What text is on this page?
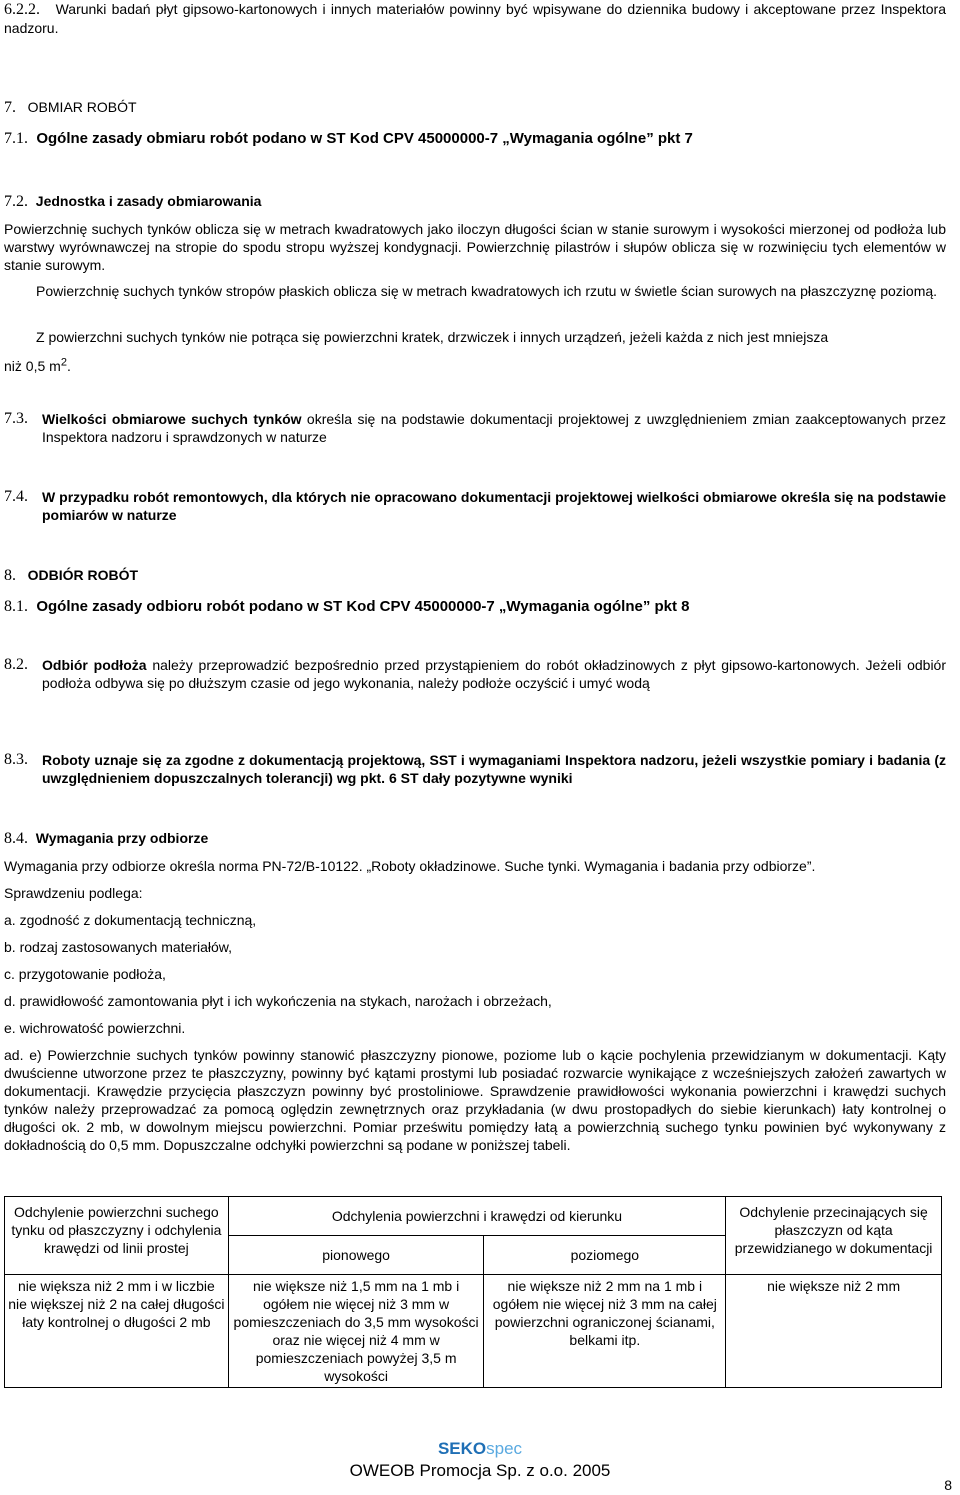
6.2.2. Warunki badań płyt gipsowo-kartonowych i innych materiałów powinny być wpisywane do dziennika budowy i akceptowane przez Inspektora nadzoru.
7. OBMIAR ROBÓT
7.1. Ogólne zasady obmiaru robót podano w ST Kod CPV 45000000-7 „Wymagania ogólne” pkt 7
7.2. Jednostka i zasady obmiarowania
Powierzchnię suchych tynków oblicza się w metrach kwadratowych jako iloczyn długości ścian w stanie surowym i wysokości mierzonej od podłoża lub warstwy wyrównawczej na stropie do spodu stropu wyższej kondygnacji. Powierzchnię pilastrów i słupów oblicza się w rozwinięciu tych elementów w stanie surowym.
Powierzchnię suchych tynków stropów płaskich oblicza się w metrach kwadratowych ich rzutu w świetle ścian surowych na płaszczyznę poziomą.
Z powierzchni suchych tynków nie potrąca się powierzchni kratek, drzwiczek i innych urządzeń, jeżeli każda z nich jest mniejsza
niż 0,5 $m^2$.
7.3. Wielkości obmiarowe suchych tynków określa się na podstawie dokumentacji projektowej z uwzględnieniem zmian zaakceptowanych przez Inspektora nadzoru i sprawdzonych w naturze
7.4. W przypadku robót remontowych, dla których nie opracowano dokumentacji projektowej wielkości obmiarowe określa się na podstawie pomiarów w naturze
8. ODBIÓR ROBÓT
8.1. Ogólne zasady odbioru robót podano w ST Kod CPV 45000000-7 „Wymagania ogólne” pkt 8
8.2. Odbiór podłoża należy przeprowadzić bezpośrednio przed przystąpieniem do robót okładzinowych z płyt gipsowo-kartonowych. Jeżeli odbiór podłoża odbywa się po dłuższym czasie od jego wykonania, należy podłoże oczyścić i umyć wodą
8.3. Roboty uznaje się za zgodne z dokumentacją projektową, SST i wymaganiami Inspektora nadzoru, jeżeli wszystkie pomiary i badania (z uwzględnieniem dopuszczalnych tolerancji) wg pkt. 6 ST dały pozytywne wyniki
8.4. Wymagania przy odbiorze
Wymagania przy odbiorze określa norma PN-72/B-10122. „Roboty okładzinowe. Suche tynki. Wymagania i badania przy odbiorze”.
Sprawdzeniu podlega:
a. zgodność z dokumentacją techniczną,
b. rodzaj zastosowanych materiałów,
c. przygotowanie podłoża,
d. prawidłowość zamontowania płyt i ich wykończenia na stykach, narożach i obrzeżach,
e. wichrowatość powierzchni.
ad. e) Powierzchnie suchych tynków powinny stanowić płaszczyzny pionowe, poziome lub o kącie pochylenia przewidzianym w dokumentacji. Kąty dwuścienne utworzone przez te płaszczyzny, powinny być kątami prostymi lub posiadać rozwarcie wynikające z wcześniejszych założeń zawartych w dokumentacji. Krawędzie przycięcia płaszczyzn powinny być prostoliniowe. Sprawdzenie prawidłowości wykonania powierzchni i krawędzi suchych tynków należy przeprowadzać za pomocą oględzin zewnętrznych oraz przykładania (w dwu prostopadłych do siebie kierunkach) łaty kontrolnej o długości ok. 2 mb, w dowolnym miejscu powierzchni. Pomiar prześwitu pomiędzy łatą a powierzchnią suchego tynku powinien być wykonywany z dokładnością do 0,5 mm. Dopuszczalne odchyłki powierzchni są podane w poniższej tabeli.
Odchylenie powierzchni suchego tynku od płaszczyzny i odchylenia krawędzi od linii prostej	Odchylenia powierzchni i krawędzi od kierunku		Odchylenie przecinających się płaszczyzn od kąta przewidzianego w dokumentacji
	pionowego	poziomego	
nie większa niż 2 mm i w liczbie nie większej niż 2 na całej długości łaty kontrolnej o długości 2 mb	nie większe niż 1,5 mm na 1 mb i ogółem nie więcej niż 3 mm w pomieszczeniach do 3,5 mm wysokości oraz nie więcej niż 4 mm w pomieszczeniach powyżej 3,5 m wysokości	nie większe niż 2 mm na 1 mb i ogółem nie więcej niż 3 mm na całej powierzchni ograniczonej ścianami, belkami itp.	nie większe niż 2 mm
SEKOspec
OWEOB Promocja Sp. z o.o. 2005
8
